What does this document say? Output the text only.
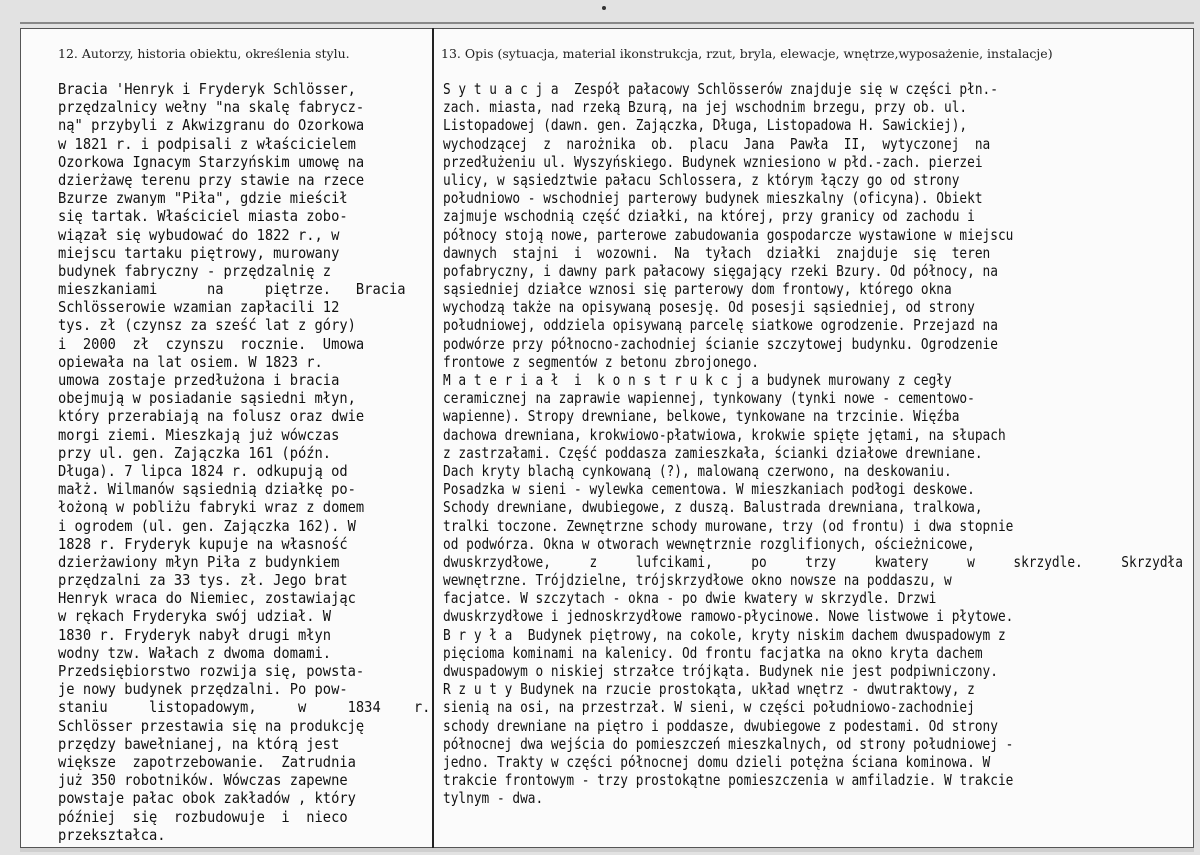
12. Autorzy, historia obiektu, określenia stylu.	13. Opis (sytuacja, material ikonstrukcja, rzut, bryla, elewacje, wnętrze,wyposażenie, instalacje)
Bracia 'Henryk i Fryderyk Schlösser,
przędzalnicy wełny "na skalę fabrycz-
ną" przybyli z Akwizgranu do Ozorkowa
w 1821 r. i podpisali z właścicielem
Ozorkowa Ignacym Starzyńskim umowę na
dzierżawę terenu przy stawie na rzece
Bzurze zwanym "Piła", gdzie mieścił
się tartak. Właściciel miasta zobo-
wiązał się wybudować do 1822 r., w
miejscu tartaku piętrowy, murowany
budynek fabryczny - przędzalnię z
mieszkaniami      na     piętrze.   Bracia
Schlösserowie wzamian zapłacili 12
tys. zł (czynsz za sześć lat z góry)
i  2000  zł  czynszu  rocznie.  Umowa
opiewała na lat osiem. W 1823 r.
umowa zostaje przedłużona i bracia
obejmują w posiadanie sąsiedni młyn,
który przerabiają na folusz oraz dwie
morgi ziemi. Mieszkają już wówczas
przy ul. gen. Zajączka 161 (późn.
Długa). 7 lipca 1824 r. odkupują od
małż. Wilmanów sąsiednią działkę po-
łożoną w pobliżu fabryki wraz z domem
i ogrodem (ul. gen. Zajączka 162). W
1828 r. Fryderyk kupuje na własność
dzierżawiony młyn Piła z budynkiem
przędzalni za 33 tys. zł. Jego brat
Henryk wraca do Niemiec, zostawiając
w rękach Fryderyka swój udział. W
1830 r. Fryderyk nabył drugi młyn
wodny tzw. Wałach z dwoma domami.
Przedsiębiorstwo rozwija się, powsta-
je nowy budynek przędzalni. Po pow-
staniu     listopadowym,     w     1834    r.
Schlösser przestawia się na produkcję
przędzy bawełnianej, na którą jest
większe  zapotrzebowanie.  Zatrudnia
już 350 robotników. Wówczas zapewne
powstaje pałac obok zakładów , który
później  się  rozbudowuje  i  nieco
przekształca.
S y t u a c j a  Zespół pałacowy Schlösserów znajduje się w części płn.-
zach. miasta, nad rzeką Bzurą, na jej wschodnim brzegu, przy ob. ul.
Listopadowej (dawn. gen. Zajączka, Długa, Listopadowa H. Sawickiej),
wychodzącej  z  narożnika  ob.  placu  Jana  Pawła  II,  wytyczonej  na
przedłużeniu ul. Wyszyńskiego. Budynek wzniesiono w płd.-zach. pierzei
ulicy, w sąsiedztwie pałacu Schlossera, z którym łączy go od strony
południowo - wschodniej parterowy budynek mieszkalny (oficyna). Obiekt
zajmuje wschodnią część działki, na której, przy granicy od zachodu i
północy stoją nowe, parterowe zabudowania gospodarcze wystawione w miejscu
dawnych  stajni  i  wozowni.  Na  tyłach  działki  znajduje  się  teren
pofabryczny, i dawny park pałacowy sięgający rzeki Bzury. Od północy, na
sąsiedniej działce wznosi się parterowy dom frontowy, którego okna
wychodzą także na opisywaną posesję. Od posesji sąsiedniej, od strony
południowej, oddziela opisywaną parcelę siatkowe ogrodzenie. Przejazd na
podwórze przy północno-zachodniej ścianie szczytowej budynku. Ogrodzenie
frontowe z segmentów z betonu zbrojonego.
M a t e r i a ł  i  k o n s t r u k c j a budynek murowany z cegły
ceramicznej na zaprawie wapiennej, tynkowany (tynki nowe - cementowo-
wapienne). Stropy drewniane, belkowe, tynkowane na trzcinie. Więźba
dachowa drewniana, krokwiowo-płatwiowa, krokwie spięte jętami, na słupach
z zastrzałami. Część poddasza zamieszkała, ścianki działowe drewniane.
Dach kryty blachą cynkowaną (?), malowaną czerwono, na deskowaniu.
Posadzka w sieni - wylewka cementowa. W mieszkaniach podłogi deskowe.
Schody drewniane, dwubiegowe, z duszą. Balustrada drewniana, tralkowa,
tralki toczone. Zewnętrzne schody murowane, trzy (od frontu) i dwa stopnie
od podwórza. Okna w otworach wewnętrznie rozglifionych, ościeżnicowe,
dwuskrzydłowe,     z     lufcikami,     po     trzy     kwatery     w     skrzydle.     Skrzydła
wewnętrzne. Trójdzielne, trójskrzydłowe okno nowsze na poddaszu, w
facjatce. W szczytach - okna - po dwie kwatery w skrzydle. Drzwi
dwuskrzydłowe i jednoskrzydłowe ramowo-płycinowe. Nowe listwowe i płytowe.
B r y ł a  Budynek piętrowy, na cokole, kryty niskim dachem dwuspadowym z
pięcioma kominami na kalenicy. Od frontu facjatka na okno kryta dachem
dwuspadowym o niskiej strzałce trójkąta. Budynek nie jest podpiwniczony.
R z u t y Budynek na rzucie prostokąta, układ wnętrz - dwutraktowy, z
sienią na osi, na przestrzał. W sieni, w części południowo-zachodniej
schody drewniane na piętro i poddasze, dwubiegowe z podestami. Od strony
północnej dwa wejścia do pomieszczeń mieszkalnych, od strony południowej -
jedno. Trakty w części północnej domu dzieli potężna ściana kominowa. W
trakcie frontowym - trzy prostokątne pomieszczenia w amfiladzie. W trakcie
tylnym - dwa.
